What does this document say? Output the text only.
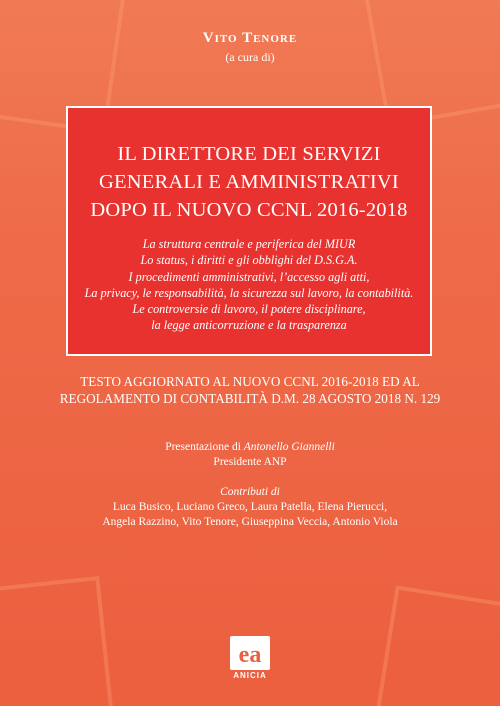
Vito Tenore
(a cura di)
IL DIRETTORE DEI SERVIZI
GENERALI E AMMINISTRATIVI
DOPO IL NUOVO CCNL 2016-2018
La struttura centrale e periferica del MIUR
Lo status, i diritti e gli obblighi del D.S.G.A.
I procedimenti amministrativi, l’accesso agli atti,
La privacy, le responsabilità, la sicurezza sul lavoro, la contabilità.
Le controversie di lavoro, il potere disciplinare,
la legge anticorruzione e la trasparenza
TESTO AGGIORNATO AL NUOVO CCNL 2016-2018 ED AL
REGOLAMENTO DI CONTABILITÀ D.M. 28 AGOSTO 2018 N. 129
Presentazione di Antonello Giannelli
Presidente ANP
Contributi di
Luca Busico, Luciano Greco, Laura Patella, Elena Pierucci,
Angela Razzino, Vito Tenore, Giuseppina Veccia, Antonio Viola
ea
ANICIA
